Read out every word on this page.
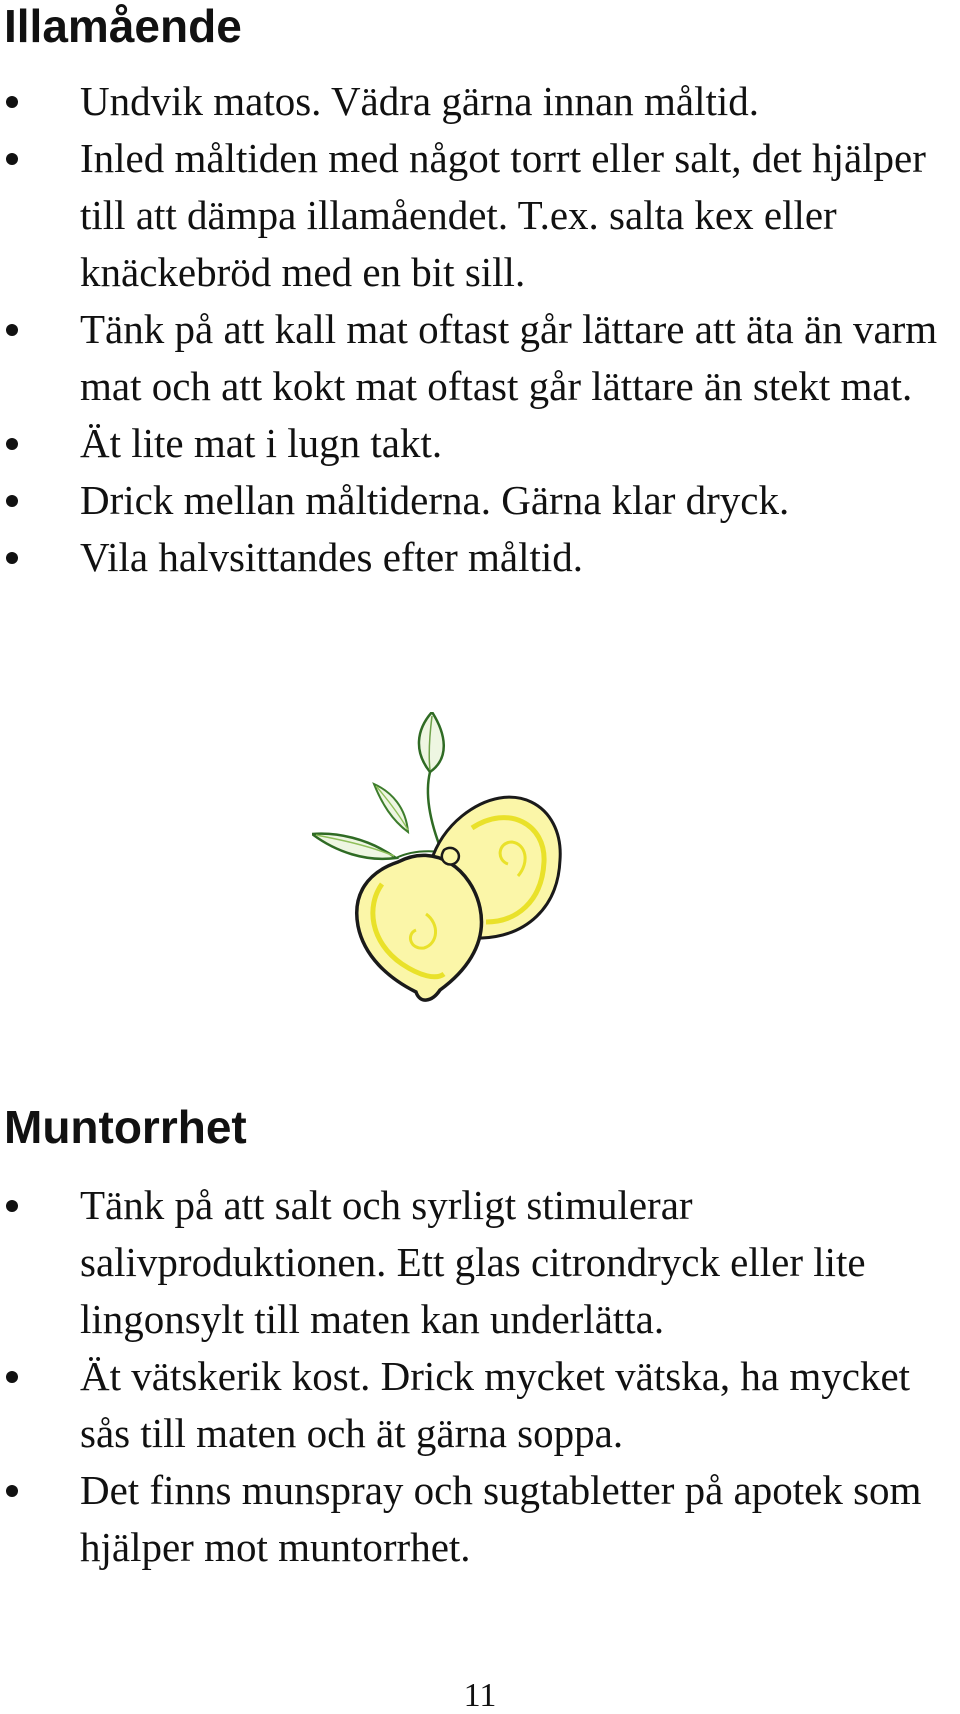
Illamående
Undvik matos. Vädra gärna innan måltid.
Inled måltiden med något torrt eller salt, det hjälper till att dämpa illamåendet. T.ex. salta kex eller knäckebröd med en bit sill.
Tänk på att kall mat oftast går lättare att äta än varm mat och att kokt mat oftast går lättare än stekt mat.
Ät lite mat i lugn takt.
Drick mellan måltiderna. Gärna klar dryck.
Vila halvsittandes efter måltid.
Muntorrhet
Tänk på att salt och syrligt stimulerar salivproduktionen. Ett glas citrondryck eller lite lingonsylt till maten kan underlätta.
Ät vätskerik kost. Drick mycket vätska, ha mycket sås till maten och ät gärna soppa.
Det finns munspray och sugtabletter på apotek som hjälper mot muntorrhet.
11
